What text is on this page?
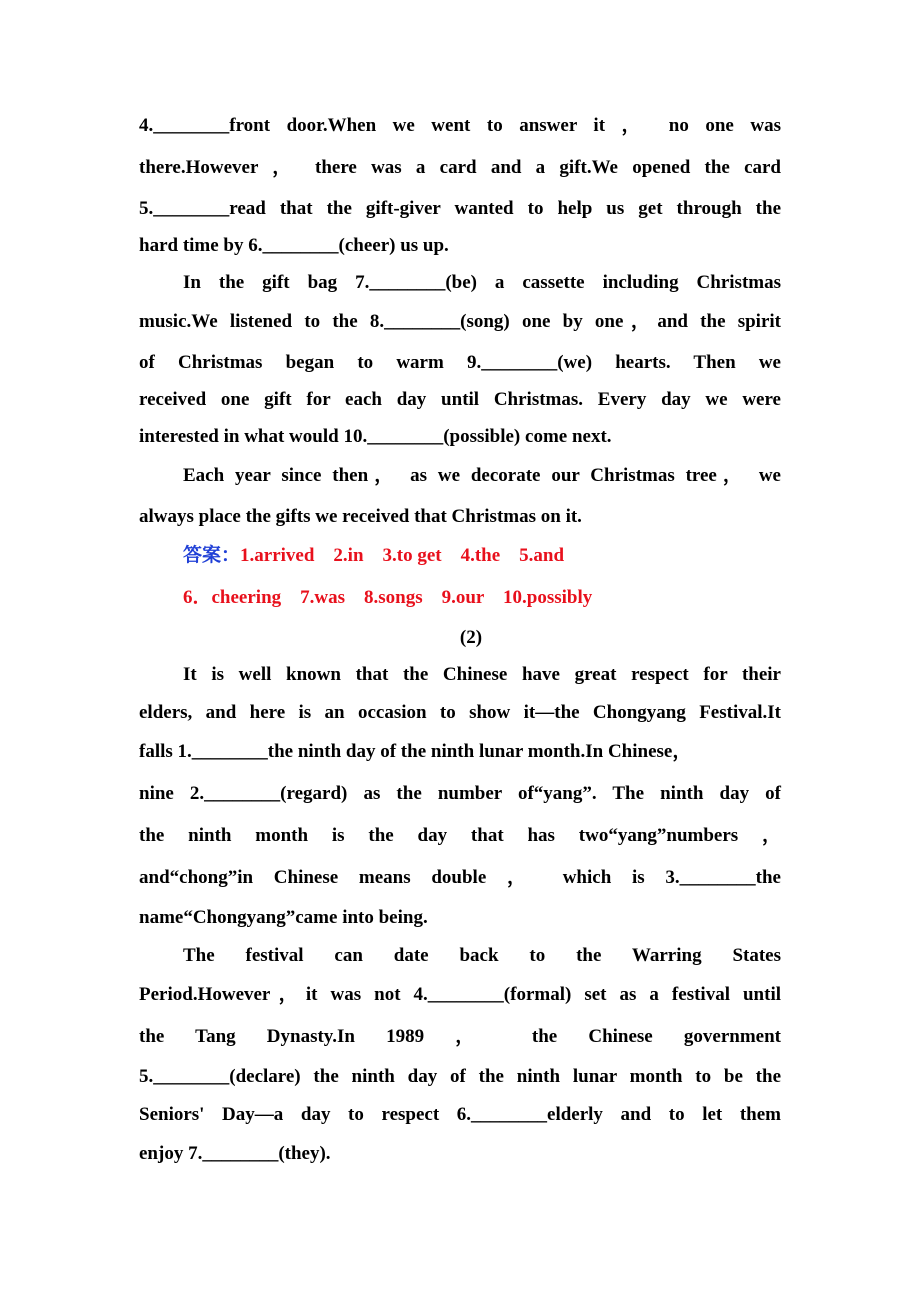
4.________front door.When we went to answer it ， no one was
there.However ， there was a card and a gift.We opened the card
5.________read that the gift-giver wanted to help us get through the
hard time by 6.________(cheer) us up.
In the gift bag 7.________(be) a cassette including Christmas
music.We listened to the 8.________(song) one by one，and the spirit
of Christmas began to warm 9.________(we) hearts. Then we
received one gift for each day until Christmas. Every day we were
interested in what would 10.________(possible) come next.
Each year since then， as we decorate our Christmas tree， we
always place the gifts we received that Christmas on it.
答案：1.arrived　2.in　3.to get　4.the　5.and
6．cheering　7.was　8.songs　9.our　10.possibly
(2)
It is well known that the Chinese have great respect for their
elders, and here is an occasion to show it—the Chongyang Festival.It
falls 1.________the ninth day of the ninth lunar month.In Chinese，
nine 2.________(regard) as the number of“yang”. The ninth day of
the ninth month is the day that has two“yang”numbers ，
and“chong”in Chinese means double ， which is 3.________the
name“Chongyang”came into being.
The festival can date back to the Warring States
Period.However，it was not 4.________(formal) set as a festival until
the Tang Dynasty.In 1989 ， the Chinese government
5.________(declare) the ninth day of the ninth lunar month to be the
Seniors' Day—a day to respect 6.________elderly and to let them
enjoy 7.________(they).
